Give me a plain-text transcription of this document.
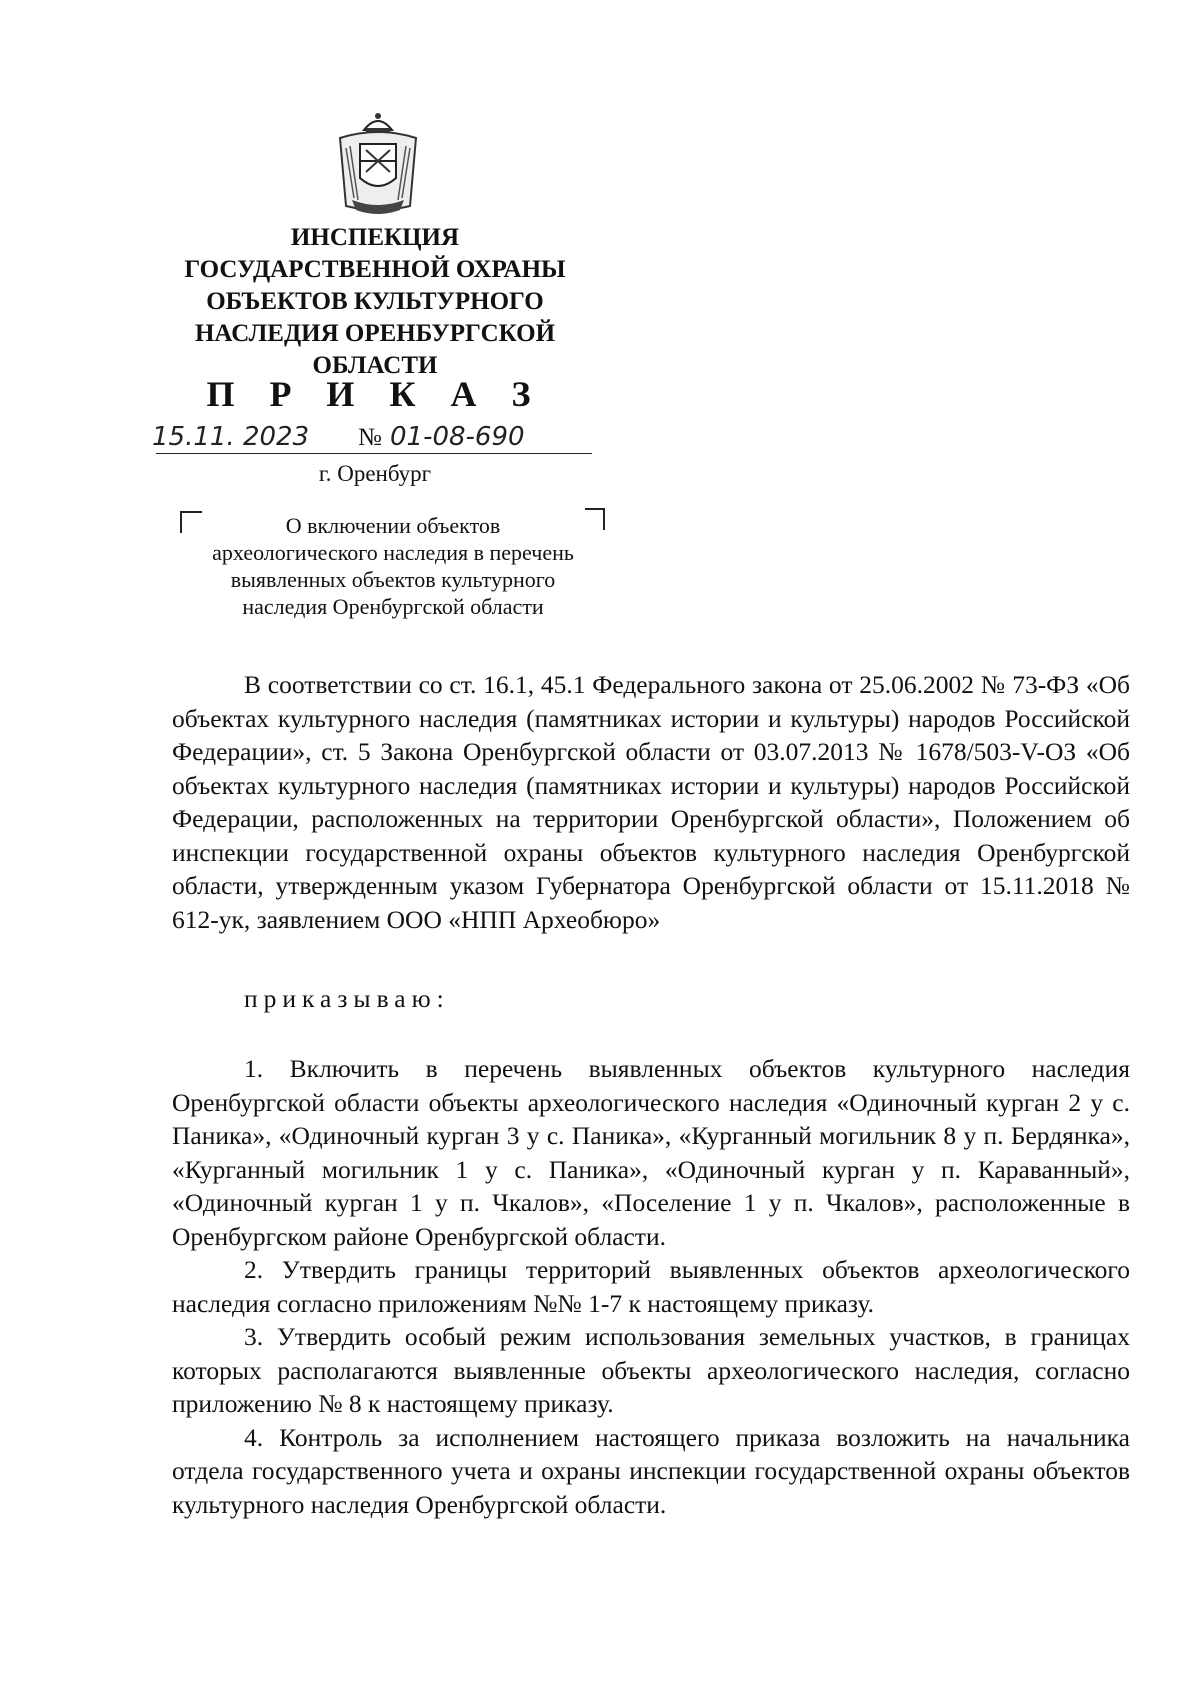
ИНСПЕКЦИЯ
ГОСУДАРСТВЕННОЙ ОХРАНЫ
ОБЪЕКТОВ КУЛЬТУРНОГО
НАСЛЕДИЯ ОРЕНБУРГСКОЙ
ОБЛАСТИ
П Р И К А З
15.11. 2023 № 01-08-690
г. Оренбург
О включении объектов
археологического наследия в перечень
выявленных объектов культурного
наследия Оренбургской области

В соответствии со ст. 16.1, 45.1 Федерального закона от 25.06.2002 № 73-ФЗ «Об объектах культурного наследия (памятниках истории и культуры) народов Российской Федерации», ст. 5 Закона Оренбургской области от 03.07.2013 № 1678/503-V-ОЗ «Об объектах культурного наследия (памятниках истории и культуры) народов Российской Федерации, расположенных на территории Оренбургской области», Положением об инспекции государственной охраны объектов культурного наследия Оренбургской области, утвержденным указом Губернатора Оренбургской области от 15.11.2018 № 612-ук, заявлением ООО «НПП Археобюро»

приказываю:

1. Включить в перечень выявленных объектов культурного наследия Оренбургской области объекты археологического наследия «Одиночный курган 2 у с. Паника», «Одиночный курган 3 у с. Паника», «Курганный могильник 8 у п. Бердянка», «Курганный могильник 1 у с. Паника», «Одиночный курган у п. Караванный», «Одиночный курган 1 у п. Чкалов», «Поселение 1 у п. Чкалов», расположенные в Оренбургском районе Оренбургской области.

2. Утвердить границы территорий выявленных объектов археологического наследия согласно приложениям №№ 1-7 к настоящему приказу.

3. Утвердить особый режим использования земельных участков, в границах которых располагаются выявленные объекты археологического наследия, согласно приложению № 8 к настоящему приказу.

4. Контроль за исполнением настоящего приказа возложить на начальника отдела государственного учета и охраны инспекции государственной охраны объектов культурного наследия Оренбургской области.
